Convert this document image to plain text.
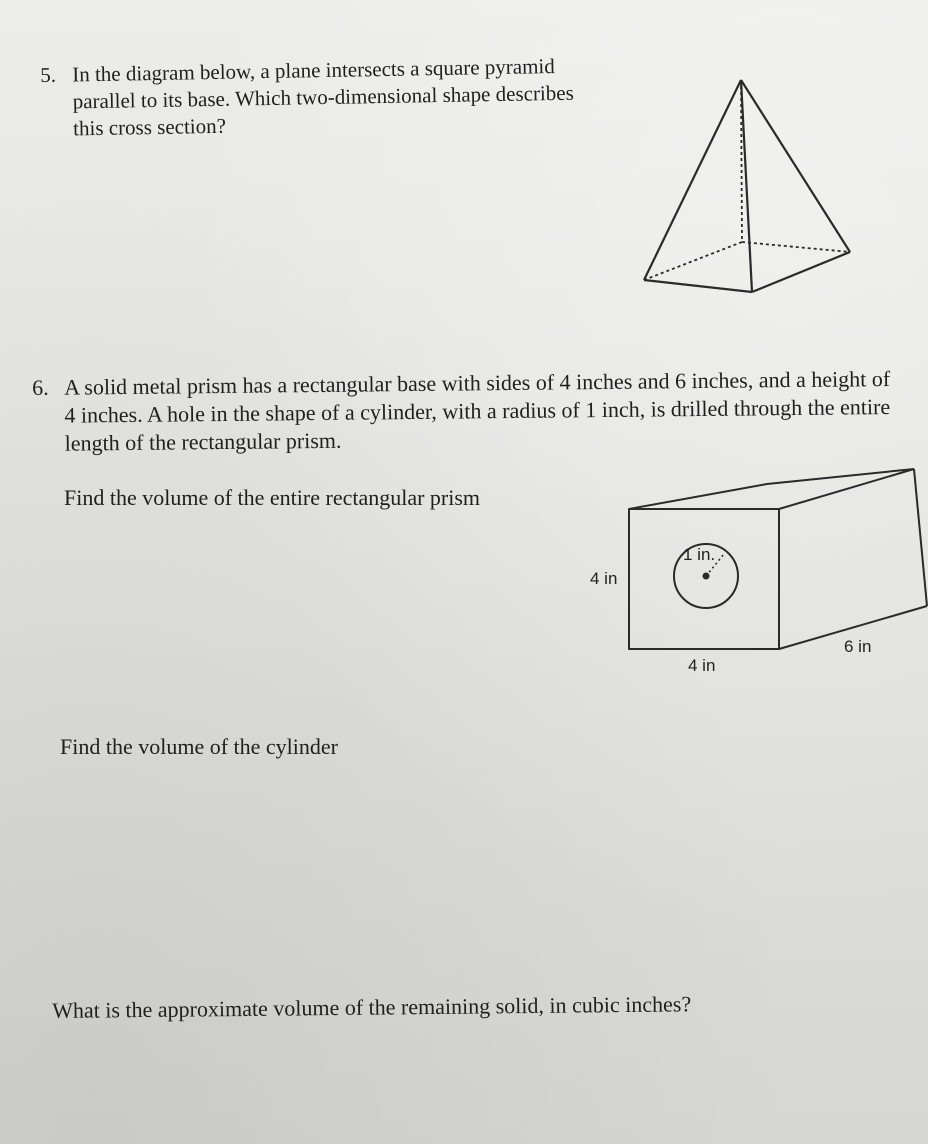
5. In the diagram below, a plane intersects a square pyramid parallel to its base. Which two-dimensional shape describes this cross section?
6. A solid metal prism has a rectangular base with sides of 4 inches and 6 inches, and a height of 4 inches. A hole in the shape of a cylinder, with a radius of 1 inch, is drilled through the entire length of the rectangular prism.
Find the volume of the entire rectangular prism
Find the volume of the cylinder
What is the approximate volume of the remaining solid, in cubic inches?
4 in
4 in
6 in
1 in.
